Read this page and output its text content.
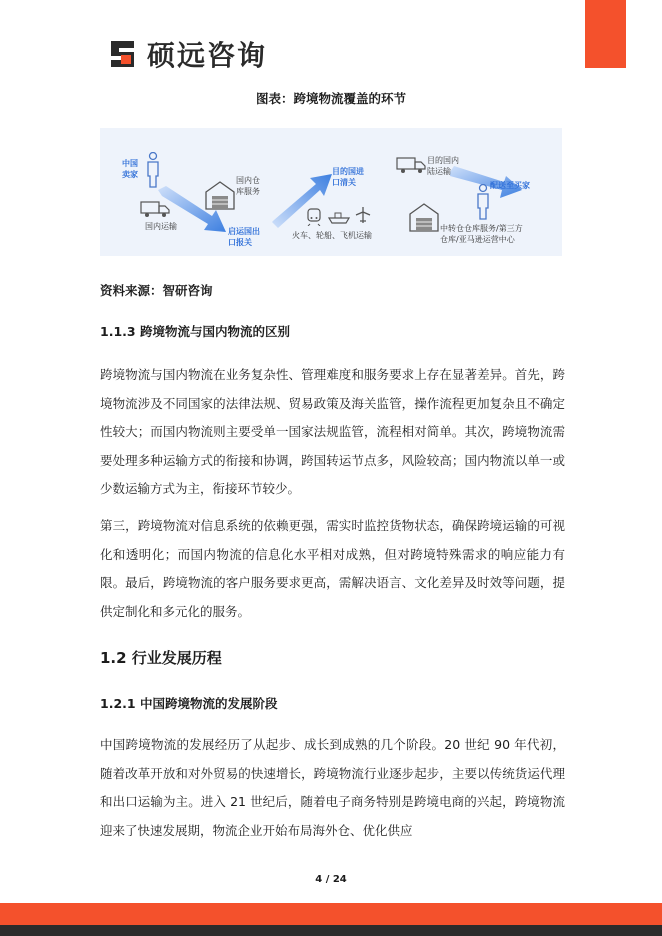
硕远咨询
图表：跨境物流覆盖的环节
中国
卖家
国内运输
国内仓
库服务
启运国出
口报关
火车、轮船、飞机运输
目的国进
口清关
目的国内
陆运输
中转仓仓库服务/第三方
仓库/亚马逊运营中心
配送至买家
资料来源：智研咨询
1.1.3 跨境物流与国内物流的区别

跨境物流与国内物流在业务复杂性、管理难度和服务要求上存在显著差异。首先，跨境物流涉及不同国家的法律法规、贸易政策及海关监管，操作流程更加复杂且不确定性较大；而国内物流则主要受单一国家法规监管，流程相对简单。其次，跨境物流需要处理多种运输方式的衔接和协调，跨国转运节点多，风险较高；国内物流以单一或少数运输方式为主，衔接环节较少。

第三，跨境物流对信息系统的依赖更强，需实时监控货物状态，确保跨境运输的可视化和透明化；而国内物流的信息化水平相对成熟，但对跨境特殊需求的响应能力有限。最后，跨境物流的客户服务要求更高，需解决语言、文化差异及时效等问题，提供定制化和多元化的服务。

1.2 行业发展历程
1.2.1 中国跨境物流的发展阶段

中国跨境物流的发展经历了从起步、成长到成熟的几个阶段。20 世纪 90 年代初，随着改革开放和对外贸易的快速增长，跨境物流行业逐步起步，主要以传统货运代理和出口运输为主。进入 21 世纪后，随着电子商务特别是跨境电商的兴起，跨境物流迎来了快速发展期，物流企业开始布局海外仓、优化供应

4 / 24
